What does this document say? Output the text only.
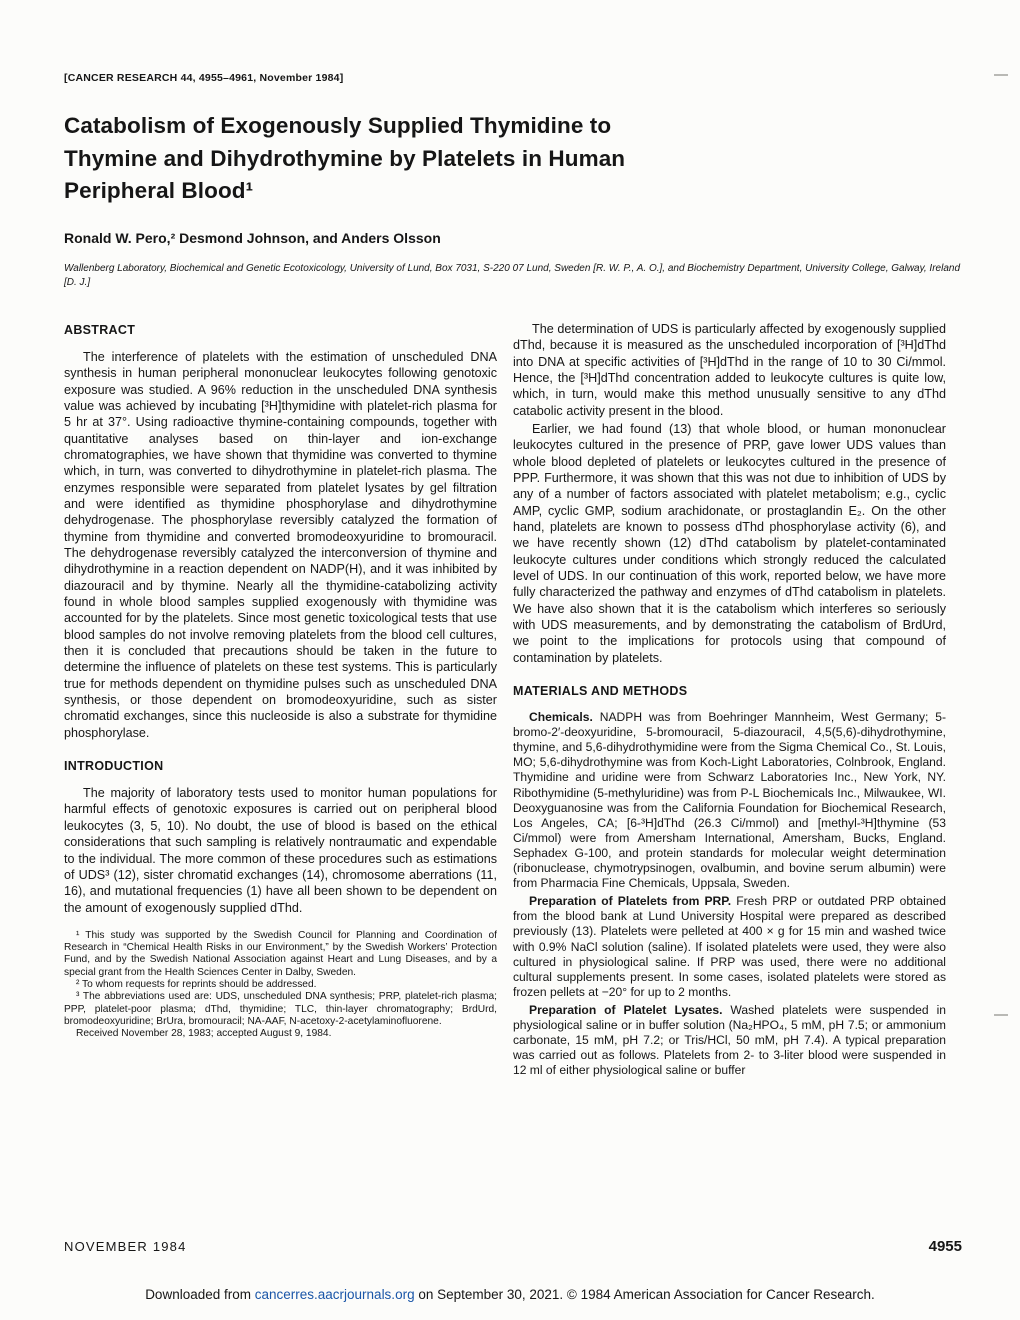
[CANCER RESEARCH 44, 4955–4961, November 1984]
Catabolism of Exogenously Supplied Thymidine to Thymine and Dihydrothymine by Platelets in Human Peripheral Blood¹
Ronald W. Pero,² Desmond Johnson, and Anders Olsson
Wallenberg Laboratory, Biochemical and Genetic Ecotoxicology, University of Lund, Box 7031, S-220 07 Lund, Sweden [R. W. P., A. O.], and Biochemistry Department, University College, Galway, Ireland [D. J.]
ABSTRACT

The interference of platelets with the estimation of unscheduled DNA synthesis in human peripheral mononuclear leukocytes following genotoxic exposure was studied. A 96% reduction in the unscheduled DNA synthesis value was achieved by incubating [³H]thymidine with platelet-rich plasma for 5 hr at 37°. Using radioactive thymine-containing compounds, together with quantitative analyses based on thin-layer and ion-exchange chromatographies, we have shown that thymidine was converted to thymine which, in turn, was converted to dihydrothymine in platelet-rich plasma. The enzymes responsible were separated from platelet lysates by gel filtration and were identified as thymidine phosphorylase and dihydrothymine dehydrogenase. The phosphorylase reversibly catalyzed the formation of thymine from thymidine and converted bromodeoxyuridine to bromouracil. The dehydrogenase reversibly catalyzed the interconversion of thymine and dihydrothymine in a reaction dependent on NADP(H), and it was inhibited by diazouracil and by thymine. Nearly all the thymidine-catabolizing activity found in whole blood samples supplied exogenously with thymidine was accounted for by the platelets. Since most genetic toxicological tests that use blood samples do not involve removing platelets from the blood cell cultures, then it is concluded that precautions should be taken in the future to determine the influence of platelets on these test systems. This is particularly true for methods dependent on thymidine pulses such as unscheduled DNA synthesis, or those dependent on bromodeoxyuridine, such as sister chromatid exchanges, since this nucleoside is also a substrate for thymidine phosphorylase.

INTRODUCTION

The majority of laboratory tests used to monitor human populations for harmful effects of genotoxic exposures is carried out on peripheral blood leukocytes (3, 5, 10). No doubt, the use of blood is based on the ethical considerations that such sampling is relatively nontraumatic and expendable to the individual. The more common of these procedures such as estimations of UDS³ (12), sister chromatid exchanges (14), chromosome aberrations (11, 16), and mutational frequencies (1) have all been shown to be dependent on the amount of exogenously supplied dThd.

¹ This study was supported by the Swedish Council for Planning and Coordination of Research in “Chemical Health Risks in our Environment,” by the Swedish Workers’ Protection Fund, and by the Swedish National Association against Heart and Lung Diseases, and by a special grant from the Health Sciences Center in Dalby, Sweden.

² To whom requests for reprints should be addressed.

³ The abbreviations used are: UDS, unscheduled DNA synthesis; PRP, platelet-rich plasma; PPP, platelet-poor plasma; dThd, thymidine; TLC, thin-layer chromatography; BrdUrd, bromodeoxyuridine; BrUra, bromouracil; NA-AAF, N-acetoxy-2-acetylaminofluorene.

Received November 28, 1983; accepted August 9, 1984.

The determination of UDS is particularly affected by exogenously supplied dThd, because it is measured as the unscheduled incorporation of [³H]dThd into DNA at specific activities of [³H]dThd in the range of 10 to 30 Ci/mmol. Hence, the [³H]dThd concentration added to leukocyte cultures is quite low, which, in turn, would make this method unusually sensitive to any dThd catabolic activity present in the blood.

Earlier, we had found (13) that whole blood, or human mononuclear leukocytes cultured in the presence of PRP, gave lower UDS values than whole blood depleted of platelets or leukocytes cultured in the presence of PPP. Furthermore, it was shown that this was not due to inhibition of UDS by any of a number of factors associated with platelet metabolism; e.g., cyclic AMP, cyclic GMP, sodium arachidonate, or prostaglandin E₂. On the other hand, platelets are known to possess dThd phosphorylase activity (6), and we have recently shown (12) dThd catabolism by platelet-contaminated leukocyte cultures under conditions which strongly reduced the calculated level of UDS. In our continuation of this work, reported below, we have more fully characterized the pathway and enzymes of dThd catabolism in platelets. We have also shown that it is the catabolism which interferes so seriously with UDS measurements, and by demonstrating the catabolism of BrdUrd, we point to the implications for protocols using that compound of contamination by platelets.

MATERIALS AND METHODS

Chemicals. NADPH was from Boehringer Mannheim, West Germany; 5-bromo-2′-deoxyuridine, 5-bromouracil, 5-diazouracil, 4,5(5,6)-dihydrothymine, thymine, and 5,6-dihydrothymidine were from the Sigma Chemical Co., St. Louis, MO; 5,6-dihydrothymine was from Koch-Light Laboratories, Colnbrook, England. Thymidine and uridine were from Schwarz Laboratories Inc., New York, NY. Ribothymidine (5-methyluridine) was from P-L Biochemicals Inc., Milwaukee, WI. Deoxyguanosine was from the California Foundation for Biochemical Research, Los Angeles, CA; [6-³H]dThd (26.3 Ci/mmol) and [methyl-³H]thymine (53 Ci/mmol) were from Amersham International, Amersham, Bucks, England. Sephadex G-100, and protein standards for molecular weight determination (ribonuclease, chymotrypsinogen, ovalbumin, and bovine serum albumin) were from Pharmacia Fine Chemicals, Uppsala, Sweden.

Preparation of Platelets from PRP. Fresh PRP or outdated PRP obtained from the blood bank at Lund University Hospital were prepared as described previously (13). Platelets were pelleted at 400 × g for 15 min and washed twice with 0.9% NaCl solution (saline). If isolated platelets were used, they were also cultured in physiological saline. If PRP was used, there were no additional cultural supplements present. In some cases, isolated platelets were stored as frozen pellets at −20° for up to 2 months.

Preparation of Platelet Lysates. Washed platelets were suspended in physiological saline or in buffer solution (Na₂HPO₄, 5 mM, pH 7.5; or ammonium carbonate, 15 mM, pH 7.2; or Tris/HCl, 50 mM, pH 7.4). A typical preparation was carried out as follows. Platelets from 2- to 3-liter blood were suspended in 12 ml of either physiological saline or buffer

NOVEMBER 1984	4955
Downloaded from cancerres.aacrjournals.org on September 30, 2021. © 1984 American Association for Cancer Research.
